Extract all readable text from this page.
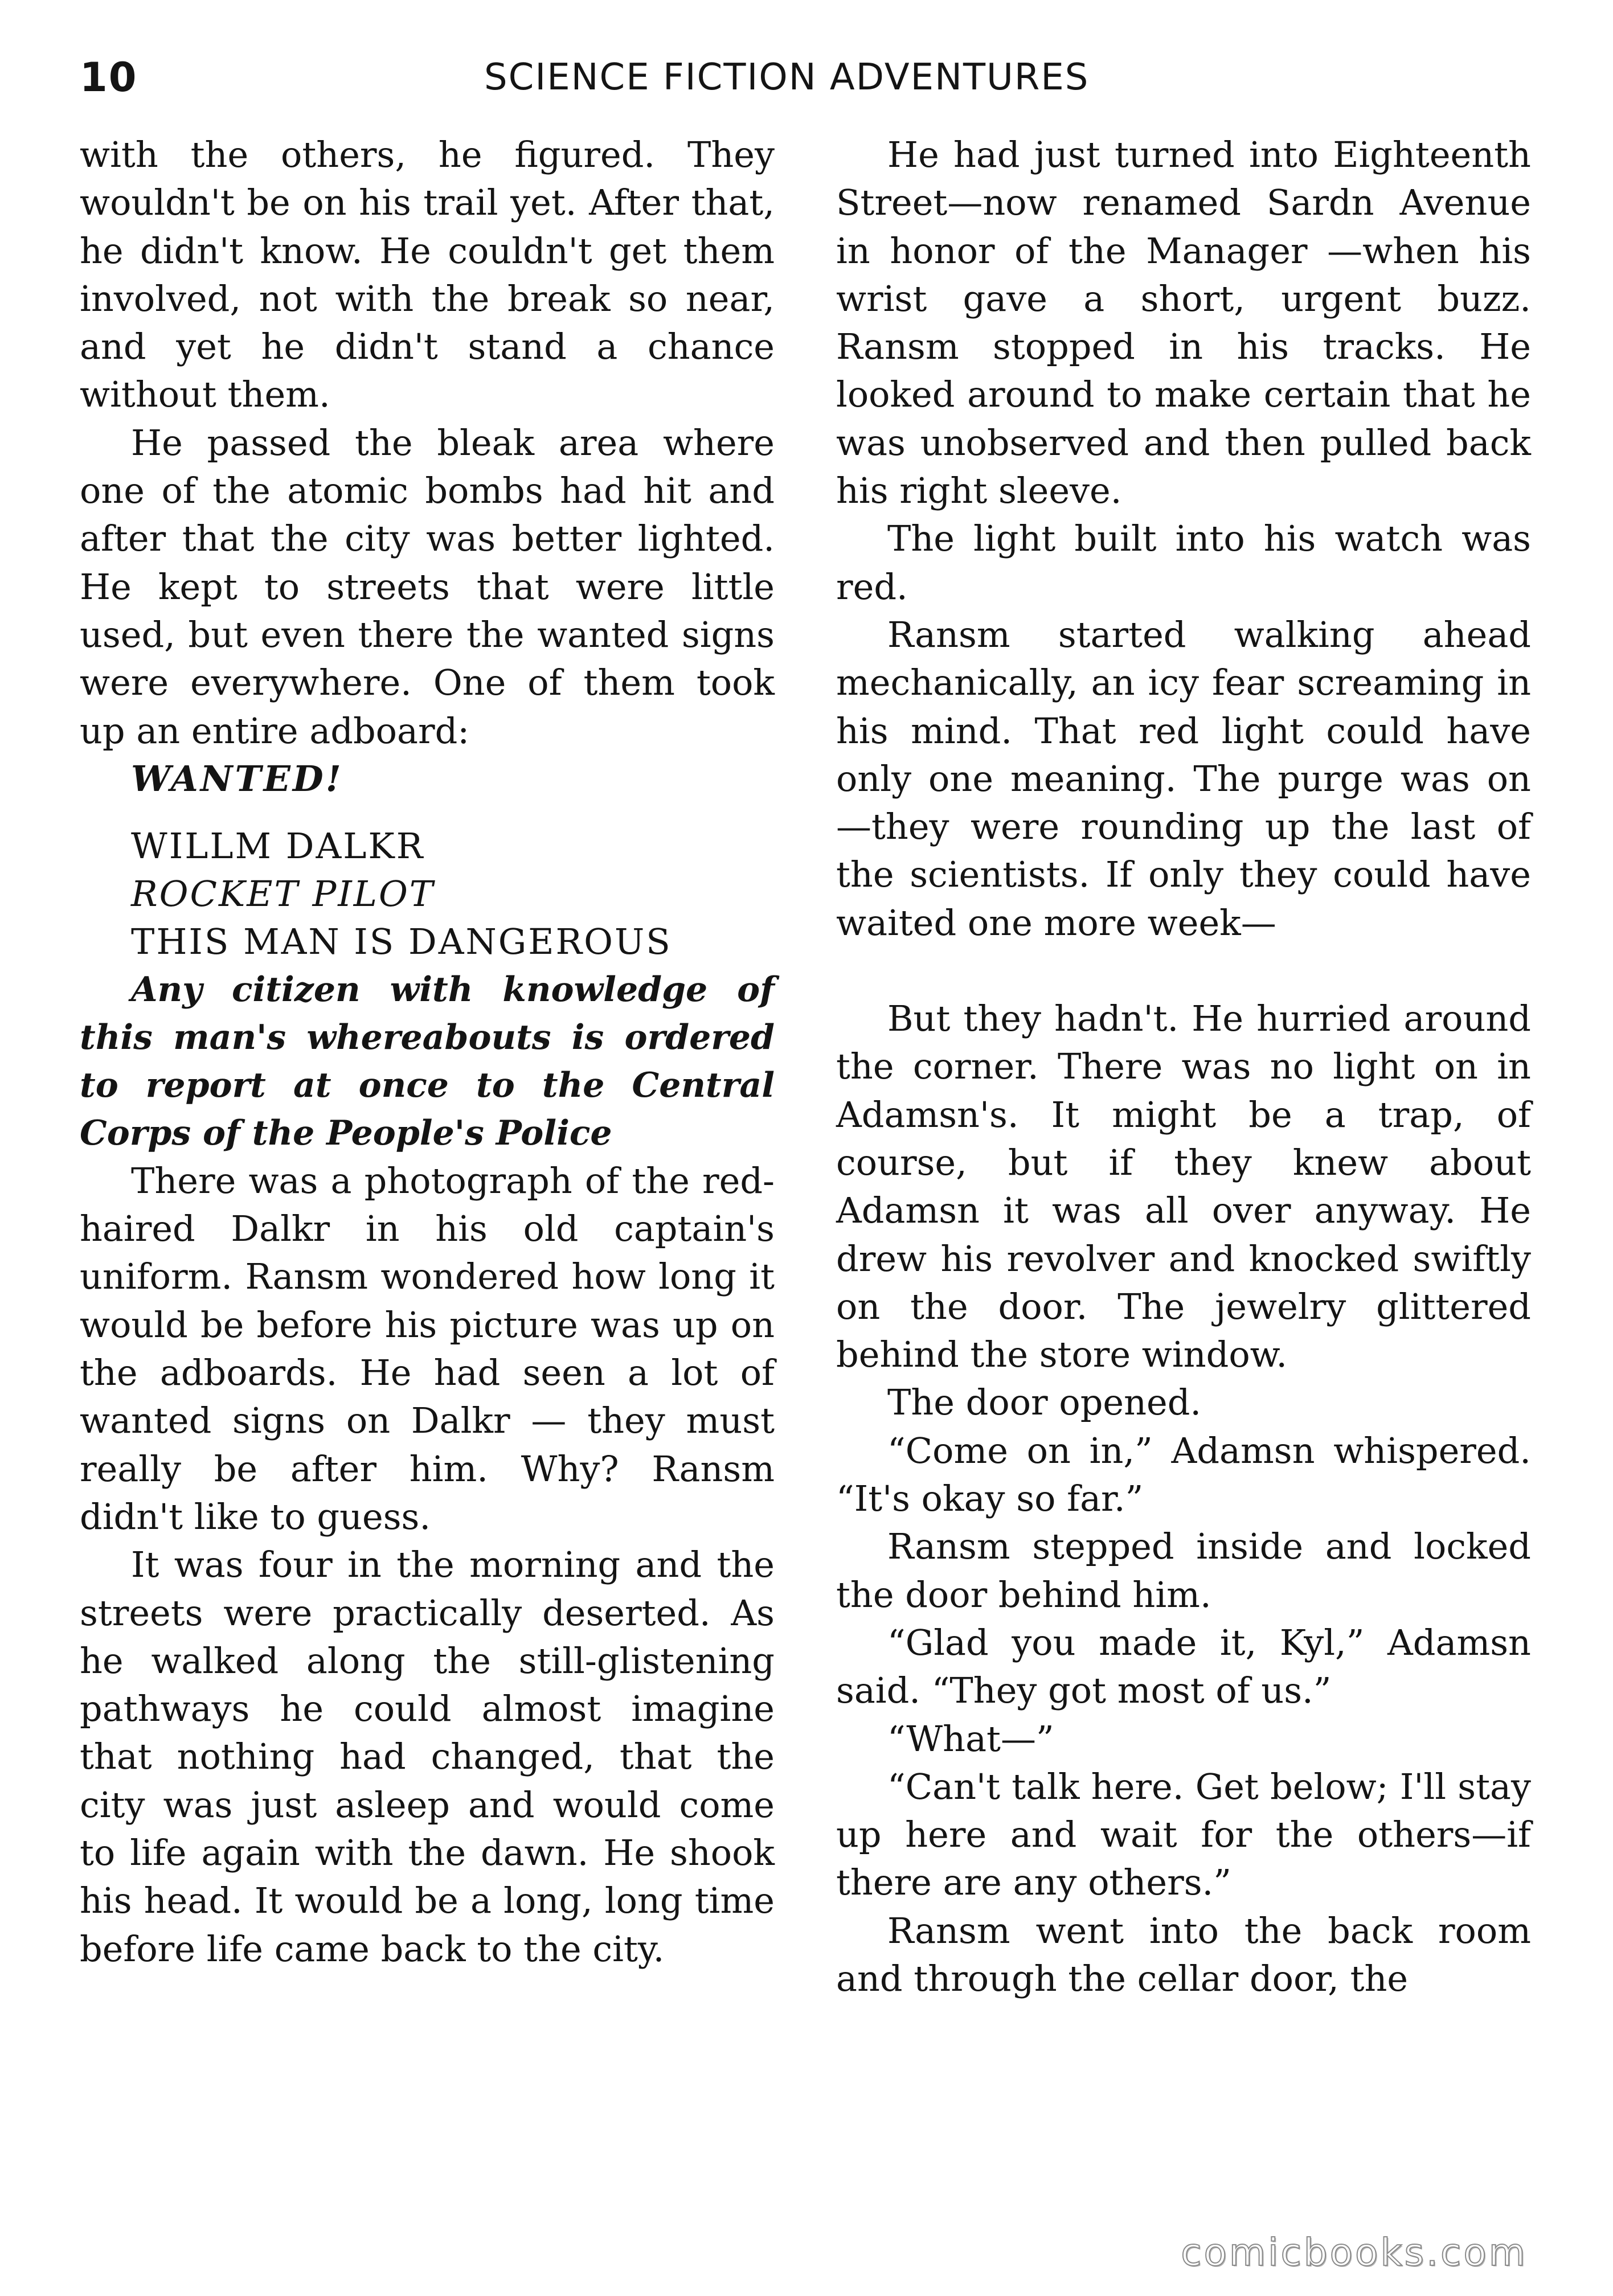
10	SCIENCE FICTION ADVENTURES

with the others, he figured. They wouldn't be on his trail yet. After that, he didn't know. He couldn't get them involved, not with the break so near, and yet he didn't stand a chance without them.

He passed the bleak area where one of the atomic bombs had hit and after that the city was better lighted. He kept to streets that were little used, but even there the wanted signs were everywhere. One of them took up an entire adboard:

WANTED!

WILLM DALKR

ROCKET PILOT

THIS MAN IS DANGEROUS

Any citizen with knowledge of this man's whereabouts is ordered to report at once to the Central Corps of the People's Police

There was a photograph of the red-haired Dalkr in his old captain's uniform. Ransm wondered how long it would be before his picture was up on the adboards. He had seen a lot of wanted signs on Dalkr — they must really be after him. Why? Ransm didn't like to guess.

It was four in the morning and the streets were practically deserted. As he walked along the still-glistening pathways he could almost imagine that nothing had changed, that the city was just asleep and would come to life again with the dawn. He shook his head. It would be a long, long time before life came back to the city.

He had just turned into Eighteenth Street—now renamed Sardn Avenue in honor of the Manager —when his wrist gave a short, urgent buzz. Ransm stopped in his tracks. He looked around to make certain that he was unobserved and then pulled back his right sleeve.

The light built into his watch was red.

Ransm started walking ahead mechanically, an icy fear screaming in his mind. That red light could have only one meaning. The purge was on—they were rounding up the last of the scientists. If only they could have waited one more week—

But they hadn't. He hurried around the corner. There was no light on in Adamsn's. It might be a trap, of course, but if they knew about Adamsn it was all over anyway. He drew his revolver and knocked swiftly on the door. The jewelry glittered behind the store window.

The door opened.

“Come on in,” Adamsn whispered. “It's okay so far.”

Ransm stepped inside and locked the door behind him.

“Glad you made it, Kyl,” Adamsn said. “They got most of us.”

“What—”

“Can't talk here. Get below; I'll stay up here and wait for the others—if there are any others.”

Ransm went into the back room and through the cellar door, the

comicbooks.com
